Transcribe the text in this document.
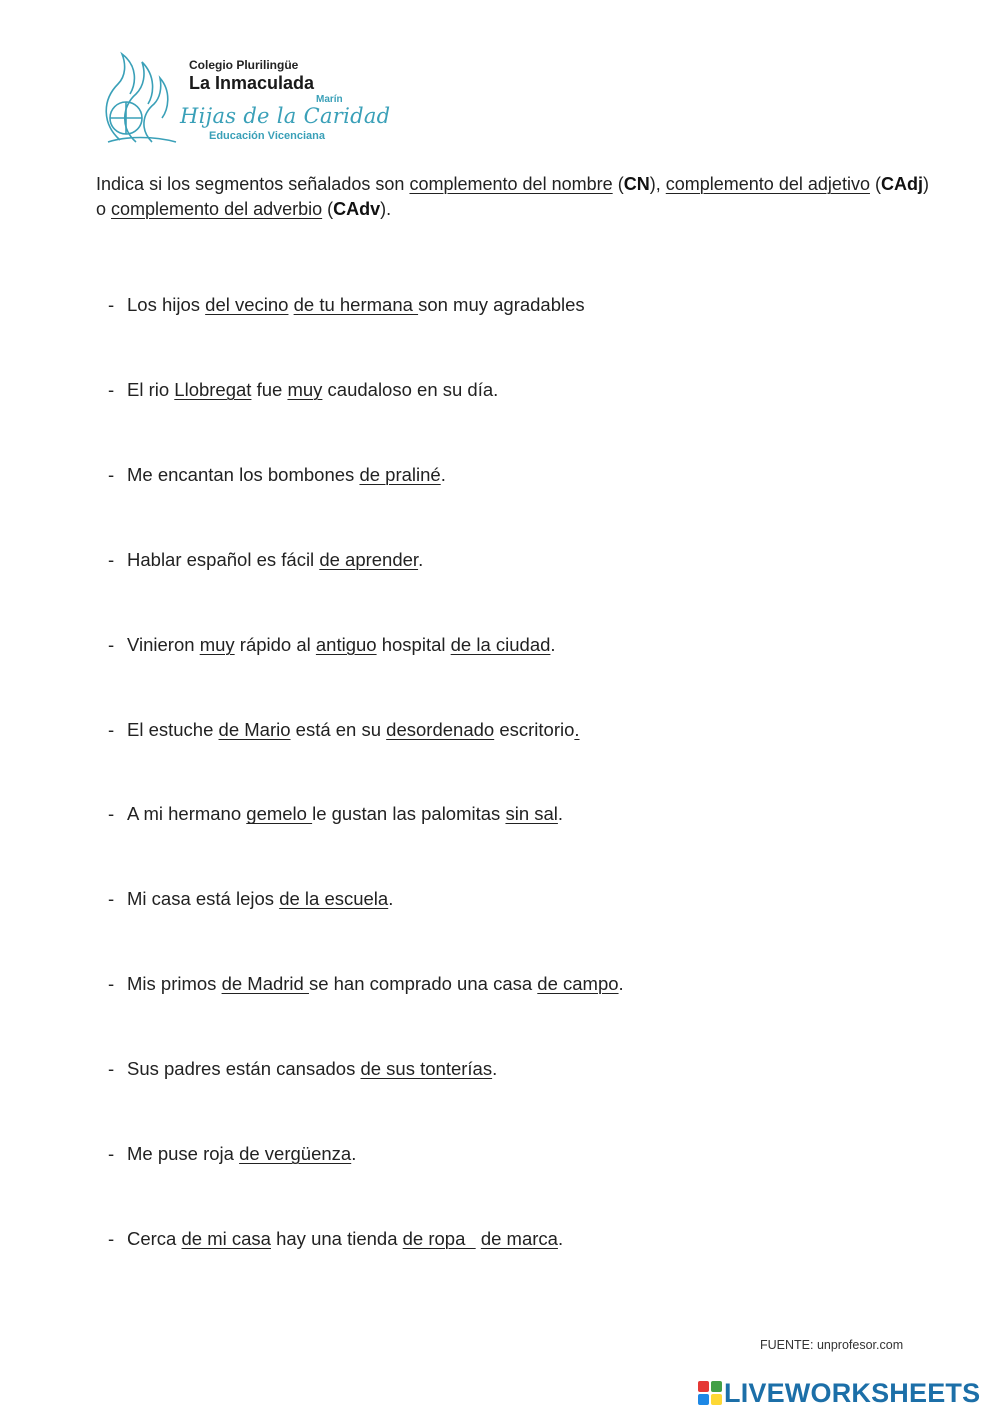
Colegio Plurilingüe
La Inmaculada
Marín
Hijas de la Caridad
Educación Vicenciana

Indica si los segmentos señalados son complemento del nombre (CN), complemento del adjetivo (CAdj) o complemento del adverbio (CAdv).

- Los hijos del vecino de tu hermana son muy agradables
- El rio Llobregat fue muy caudaloso en su día.
- Me encantan los bombones de praliné.
- Hablar español es fácil de aprender.
- Vinieron muy rápido al antiguo hospital de la ciudad.
- El estuche de Mario está en su desordenado escritorio.
- A mi hermano gemelo le gustan las palomitas sin sal.
- Mi casa está lejos de la escuela.
- Mis primos de Madrid se han comprado una casa de campo.
- Sus padres están cansados de sus tonterías.
- Me puse roja de vergüenza.
- Cerca de mi casa hay una tienda de ropa   de marca.
FUENTE: unprofesor.com
LIVEWORKSHEETS
